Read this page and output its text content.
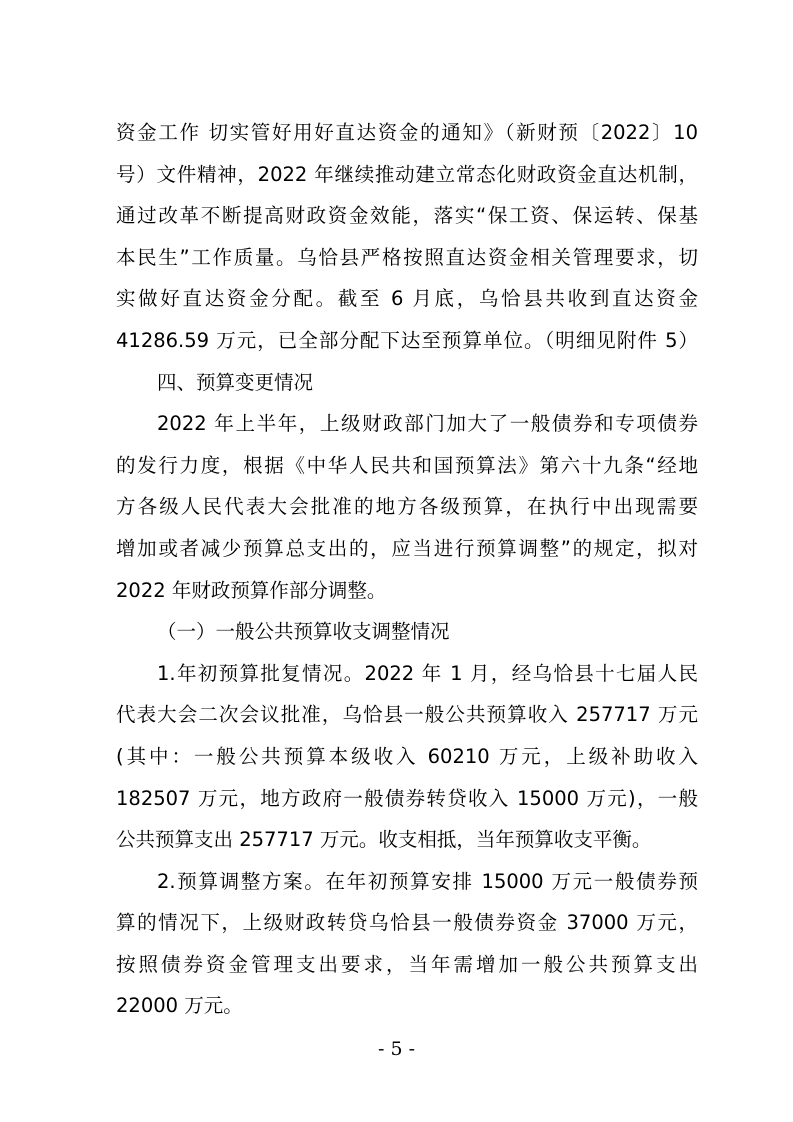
资金工作 切实管好用好直达资金的通知》（新财预〔2022〕10
号）文件精神，2022 年继续推动建立常态化财政资金直达机制，
通过改革不断提高财政资金效能，落实“保工资、保运转、保基
本民生”工作质量。乌恰县严格按照直达资金相关管理要求，切
实做好直达资金分配。截至 6 月底，乌恰县共收到直达资金
41286.59 万元，已全部分配下达至预算单位。（明细见附件 5）
四、预算变更情况
2022 年上半年，上级财政部门加大了一般债券和专项债券
的发行力度，根据《中华人民共和国预算法》第六十九条“经地
方各级人民代表大会批准的地方各级预算，在执行中出现需要
增加或者减少预算总支出的，应当进行预算调整”的规定，拟对
2022 年财政预算作部分调整。
（一）一般公共预算收支调整情况
1.年初预算批复情况。2022 年 1 月，经乌恰县十七届人民
代表大会二次会议批准，乌恰县一般公共预算收入 257717 万元
(其中：一般公共预算本级收入 60210 万元，上级补助收入
182507 万元，地方政府一般债券转贷收入 15000 万元)，一般
公共预算支出 257717 万元。收支相抵，当年预算收支平衡。
2.预算调整方案。在年初预算安排 15000 万元一般债券预
算的情况下，上级财政转贷乌恰县一般债券资金 37000 万元，
按照债券资金管理支出要求，当年需增加一般公共预算支出
22000 万元。
- 5 -
